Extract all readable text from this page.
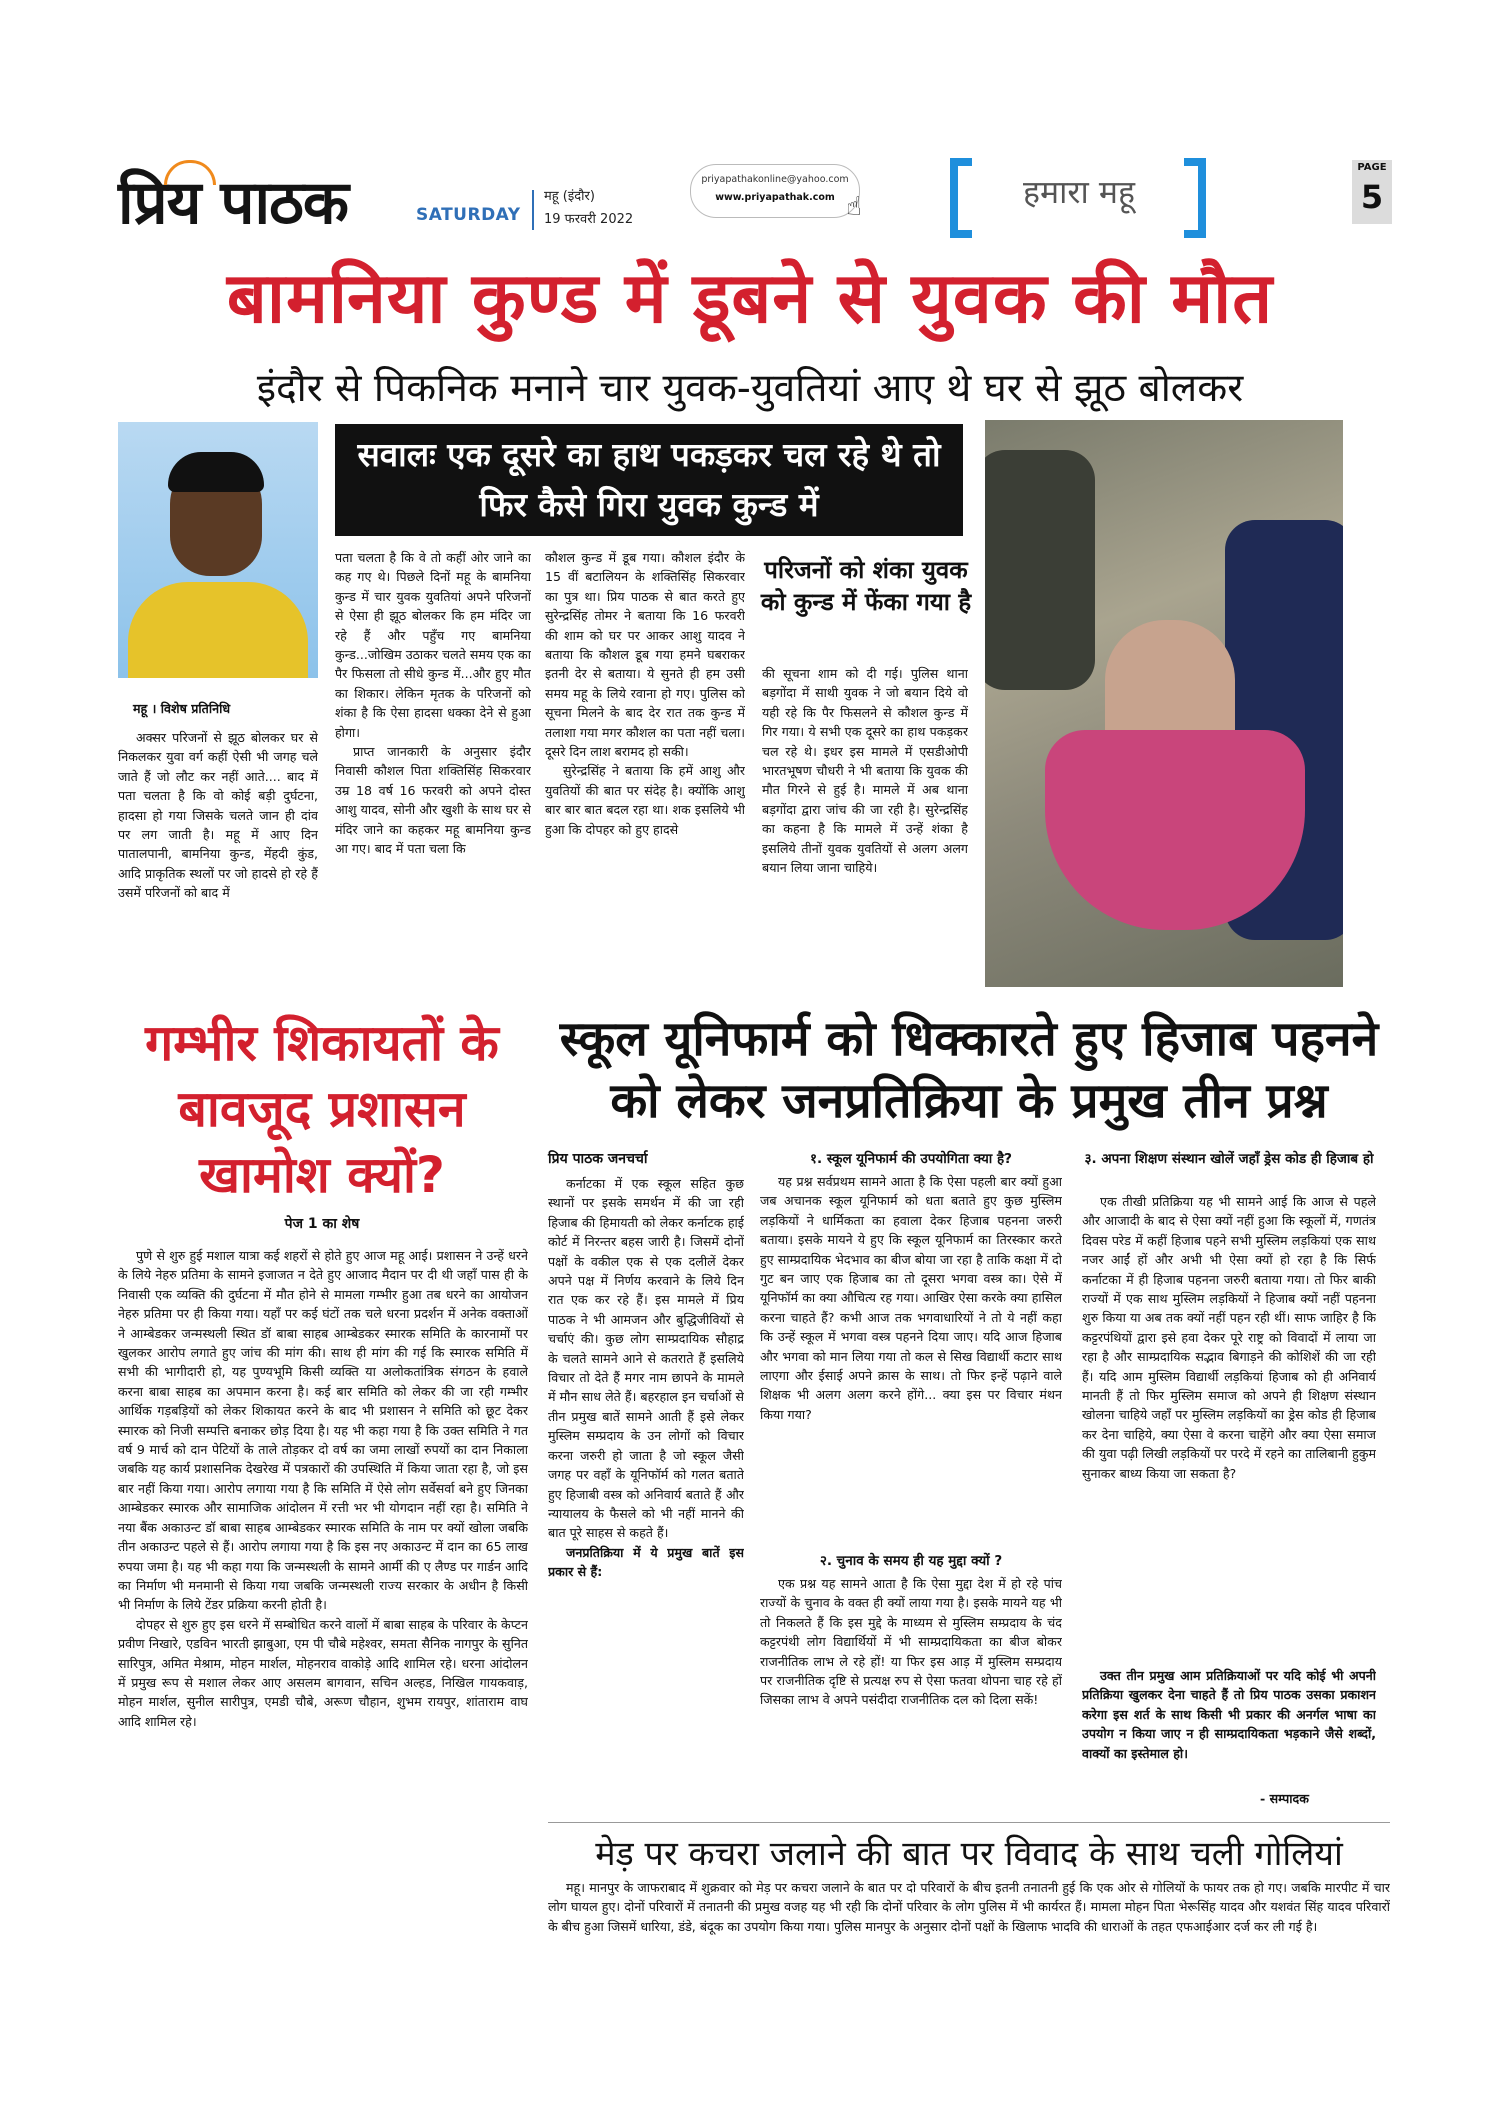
प्रिय पाठक	SATURDAY
महू (इंदौर)
19 फरवरी 2022
priyapathakonline@yahoo.com
www.priyapathak.com ☝	हमारा महू
PAGE
5
बामनिया कुण्ड में डूबने से युवक की मौत
इंदौर से पिकनिक मनाने चार युवक-युवतियां आए थे घर से झूठ बोलकर
सवालः एक दूसरे का हाथ पकड़कर चल रहे थे तो फिर कैसे गिरा युवक कुन्ड में
महू । विशेष प्रतिनिधि

अक्सर परिजनों से झूठ बोलकर घर से निकलकर युवा वर्ग कहीं ऐसी भी जगह चले जाते हैं जो लौट कर नहीं आते.... बाद में पता चलता है कि वो कोई बड़ी दुर्घटना, हादसा हो गया जिसके चलते जान ही दांव पर लग जाती है। महू में आए दिन पातालपानी, बामनिया कुन्ड, मेंहदी कुंड, आदि प्राकृतिक स्थलों पर जो हादसे हो रहे हैं उसमें परिजनों को बाद में

पता चलता है कि वे तो कहीं ओर जाने का कह गए थे। पिछले दिनों महू के बामनिया कुन्ड में चार युवक युवतियां अपने परिजनों से ऐसा ही झूठ बोलकर कि हम मंदिर जा रहे हैं और पहुँच गए बामनिया कुन्ड...जोखिम उठाकर चलते समय एक का पैर फिसला तो सीधे कुन्ड में...और हुए मौत का शिकार। लेकिन मृतक के परिजनों को शंका है कि ऐसा हादसा धक्का देने से हुआ होगा।

प्राप्त जानकारी के अनुसार इंदौर निवासी कौशल पिता शक्तिसिंह सिकरवार उम्र 18 वर्ष 16 फरवरी को अपने दोस्त आशु यादव, सोनी और खुशी के साथ घर से मंदिर जाने का कहकर महू बामनिया कुन्ड आ गए। बाद में पता चला कि

कौशल कुन्ड में डूब गया। कौशल इंदौर के 15 वीं बटालियन के शक्तिसिंह सिकरवार का पुत्र था। प्रिय पाठक से बात करते हुए सुरेन्द्रसिंह तोमर ने बताया कि 16 फरवरी की शाम को घर पर आकर आशु यादव ने बताया कि कौशल डूब गया हमने घबराकर इतनी देर से बताया। ये सुनते ही हम उसी समय महू के लिये रवाना हो गए। पुलिस को सूचना मिलने के बाद देर रात तक कुन्ड में तलाशा गया मगर कौशल का पता नहीं चला। दूसरे दिन लाश बरामद हो सकी।

सुरेन्द्रसिंह ने बताया कि हमें आशु और युवतियों की बात पर संदेह है। क्योंकि आशु बार बार बात बदल रहा था। शक इसलिये भी हुआ कि दोपहर को हुए हादसे

परिजनों को शंका युवक को कुन्ड में फेंका गया है

की सूचना शाम को दी गई। पुलिस थाना बड़गोंदा में साथी युवक ने जो बयान दिये वो यही रहे कि पैर फिसलने से कौशल कुन्ड में गिर गया। ये सभी एक दूसरे का हाथ पकड़कर चल रहे थे। इधर इस मामले में एसडीओपी भारतभूषण चौधरी ने भी बताया कि युवक की मौत गिरने से हुई है। मामले में अब थाना बड़गोंदा द्वारा जांच की जा रही है। सुरेन्द्रसिंह का कहना है कि मामले में उन्हें शंका है इसलिये तीनों युवक युवतियों से अलग अलग बयान लिया जाना चाहिये।

गम्भीर शिकायतों के बावजूद प्रशासन खामोश क्यों?
पेज 1 का शेष

पुणे से शुरु हुई मशाल यात्रा कई शहरों से होते हुए आज महू आई। प्रशासन ने उन्हें धरने के लिये नेहरु प्रतिमा के सामने इजाजत न देते हुए आजाद मैदान पर दी थी जहाँ पास ही के निवासी एक व्यक्ति की दुर्घटना में मौत होने से मामला गम्भीर हुआ तब धरने का आयोजन नेहरु प्रतिमा पर ही किया गया। यहाँ पर कई घंटों तक चले धरना प्रदर्शन में अनेक वक्ताओं ने आम्बेडकर जन्मस्थली स्थित डॉ बाबा साहब आम्बेडकर स्मारक समिति के कारनामों पर खुलकर आरोप लगाते हुए जांच की मांग की। साथ ही मांग की गई कि स्मारक समिति में सभी की भागीदारी हो, यह पुण्यभूमि किसी व्यक्ति या अलोकतांत्रिक संगठन के हवाले करना बाबा साहब का अपमान करना है। कई बार समिति को लेकर की जा रही गम्भीर आर्थिक गड़बड़ियों को लेकर शिकायत करने के बाद भी प्रशासन ने समिति को छूट देकर स्मारक को निजी सम्पत्ति बनाकर छोड़ दिया है। यह भी कहा गया है कि उक्त समिति ने गत वर्ष 9 मार्च को दान पेटियों के ताले तोड़कर दो वर्ष का जमा लाखों रुपयों का दान निकाला जबकि यह कार्य प्रशासनिक देखरेख में पत्रकारों की उपस्थिति में किया जाता रहा है, जो इस बार नहीं किया गया। आरोप लगाया गया है कि समिति में ऐसे लोग सर्वेसर्वा बने हुए जिनका आम्बेडकर स्मारक और सामाजिक आंदोलन में रत्ती भर भी योगदान नहीं रहा है। समिति ने नया बैंक अकाउन्ट डॉ बाबा साहब आम्बेडकर स्मारक समिति के नाम पर क्यों खोला जबकि तीन अकाउन्ट पहले से हैं। आरोप लगाया गया है कि इस नए अकाउन्ट में दान का 65 लाख रुपया जमा है। यह भी कहा गया कि जन्मस्थली के सामने आर्मी की ए लैण्ड पर गार्डन आदि का निर्माण भी मनमानी से किया गया जबकि जन्मस्थली राज्य सरकार के अधीन है किसी भी निर्माण के लिये टेंडर प्रक्रिया करनी होती है।

दोपहर से शुरु हुए इस धरने में सम्बोधित करने वालों में बाबा साहब के परिवार के केप्टन प्रवीण निखारे, एडविन भारती झाबुआ, एम पी चौबे महेश्वर, समता सैनिक नागपुर के सुनित सारिपुत्र, अमित मेश्राम, मोहन मार्शल, मोहनराव वाकोड़े आदि शामिल रहे। धरना आंदोलन में प्रमुख रूप से मशाल लेकर आए असलम बागवान, सचिन अल्हड, निखिल गायकवाड़, मोहन मार्शल, सुनील सारीपुत्र, एमडी चौबे, अरूण चौहान, शुभम रायपुर, शांताराम वाघ आदि शामिल रहे।

स्कूल यूनिफार्म को धिक्कारते हुए हिजाब पहनने को लेकर जनप्रतिक्रिया के प्रमुख तीन प्रश्न
प्रिय पाठक जनचर्चा

कर्नाटका में एक स्कूल सहित कुछ स्थानों पर इसके समर्थन में की जा रही हिजाब की हिमायती को लेकर कर्नाटक हाई कोर्ट में निरन्तर बहस जारी है। जिसमें दोनों पक्षों के वकील एक से एक दलीलें देकर अपने पक्ष में निर्णय करवाने के लिये दिन रात एक कर रहे हैं। इस मामले में प्रिय पाठक ने भी आमजन और बुद्धिजीवियों से चर्चाएं की। कुछ लोग साम्प्रदायिक सौहाद्र के चलते सामने आने से कतराते हैं इसलिये विचार तो देते हैं मगर नाम छापने के मामले में मौन साध लेते हैं। बहरहाल इन चर्चाओं से तीन प्रमुख बातें सामने आती हैं इसे लेकर मुस्लिम सम्प्रदाय के उन लोगों को विचार करना जरुरी हो जाता है जो स्कूल जैसी जगह पर वहाँ के यूनिफॉर्म को गलत बताते हुए हिजाबी वस्त्र को अनिवार्य बताते हैं और न्यायालय के फैसले को भी नहीं मानने की बात पूरे साहस से कहते हैं।

जनप्रतिक्रिया में ये प्रमुख बातें इस प्रकार से हैं:

१. स्कूल यूनिफार्म की उपयोगिता क्या है?

यह प्रश्न सर्वप्रथम सामने आता है कि ऐसा पहली बार क्यों हुआ जब अचानक स्कूल यूनिफार्म को धता बताते हुए कुछ मुस्लिम लड़कियों ने धार्मिकता का हवाला देकर हिजाब पहनना जरुरी बताया। इसके मायने ये हुए कि स्कूल यूनिफार्म का तिरस्कार करते हुए साम्प्रदायिक भेदभाव का बीज बोया जा रहा है ताकि कक्षा में दो गुट बन जाए एक हिजाब का तो दूसरा भगवा वस्त्र का। ऐसे में यूनिफॉर्म का क्या औचित्य रह गया। आखिर ऐसा करके क्या हासिल करना चाहते हैं? कभी आज तक भगवाधारियों ने तो ये नहीं कहा कि उन्हें स्कूल में भगवा वस्त्र पहनने दिया जाए। यदि आज हिजाब और भगवा को मान लिया गया तो कल से सिख विद्यार्थी कटार साथ लाएगा और ईसाई अपने क्रास के साथ। तो फिर इन्हें पढ़ाने वाले शिक्षक भी अलग अलग करने होंगे... क्या इस पर विचार मंथन किया गया?

२. चुनाव के समय ही यह मुद्दा क्यों ?

एक प्रश्न यह सामने आता है कि ऐसा मुद्दा देश में हो रहे पांच राज्यों के चुनाव के वक्त ही क्यों लाया गया है। इसके मायने यह भी तो निकलते हैं कि इस मुद्दे के माध्यम से मुस्लिम सम्प्रदाय के चंद कट्टरपंथी लोग विद्यार्थियों में भी साम्प्रदायिकता का बीज बोकर राजनीतिक लाभ ले रहे हों! या फिर इस आड़ में मुस्लिम सम्प्रदाय पर राजनीतिक दृष्टि से प्रत्यक्ष रुप से ऐसा फतवा थोपना चाह रहे हों जिसका लाभ वे अपने पसंदीदा राजनीतिक दल को दिला सकें!

३. अपना शिक्षण संस्थान खोलें जहाँ ड्रेस कोड ही हिजाब हो

एक तीखी प्रतिक्रिया यह भी सामने आई कि आज से पहले और आजादी के बाद से ऐसा क्यों नहीं हुआ कि स्कूलों में, गणतंत्र दिवस परेड में कहीं हिजाब पहने सभी मुस्लिम लड़कियां एक साथ नजर आईं हों और अभी भी ऐसा क्यों हो रहा है कि सिर्फ कर्नाटका में ही हिजाब पहनना जरुरी बताया गया। तो फिर बाकी राज्यों में एक साथ मुस्लिम लड़कियों ने हिजाब क्यों नहीं पहनना शुरु किया या अब तक क्यों नहीं पहन रही थीं। साफ जाहिर है कि कट्टरपंथियों द्वारा इसे हवा देकर पूरे राष्ट्र को विवादों में लाया जा रहा है और साम्प्रदायिक सद्भाव बिगाड़ने की कोशिशें की जा रही हैं। यदि आम मुस्लिम विद्यार्थी लड़कियां हिजाब को ही अनिवार्य मानती हैं तो फिर मुस्लिम समाज को अपने ही शिक्षण संस्थान खोलना चाहिये जहाँ पर मुस्लिम लड़कियों का ड्रेस कोड ही हिजाब कर देना चाहिये, क्या ऐसा वे करना चाहेंगे और क्या ऐसा समाज की युवा पढ़ी लिखी लड़कियों पर परदे में रहने का तालिबानी हुकुम सुनाकर बाध्य किया जा सकता है?

उक्त तीन प्रमुख आम प्रतिक्रियाओं पर यदि कोई भी अपनी प्रतिक्रिया खुलकर देना चाहते हैं तो प्रिय पाठक उसका प्रकाशन करेगा इस शर्त के साथ किसी भी प्रकार की अनर्गल भाषा का उपयोग न किया जाए न ही साम्प्रदायिकता भड़काने जैसे शब्दों, वाक्यों का इस्तेमाल हो।

- सम्पादक
मेड़ पर कचरा जलाने की बात पर विवाद के साथ चली गोलियां

महू। मानपुर के जाफराबाद में शुक्रवार को मेड़ पर कचरा जलाने के बात पर दो परिवारों के बीच इतनी तनातनी हुई कि एक ओर से गोलियों के फायर तक हो गए। जबकि मारपीट में चार लोग घायल हुए। दोनों परिवारों में तनातनी की प्रमुख वजह यह भी रही कि दोनों परिवार के लोग पुलिस में भी कार्यरत हैं। मामला मोहन पिता भेरूसिंह यादव और यशवंत सिंह यादव परिवारों के बीच हुआ जिसमें धारिया, डंडे, बंदूक का उपयोग किया गया। पुलिस मानपुर के अनुसार दोनों पक्षों के खिलाफ भादवि की धाराओं के तहत एफआईआर दर्ज कर ली गई है।
